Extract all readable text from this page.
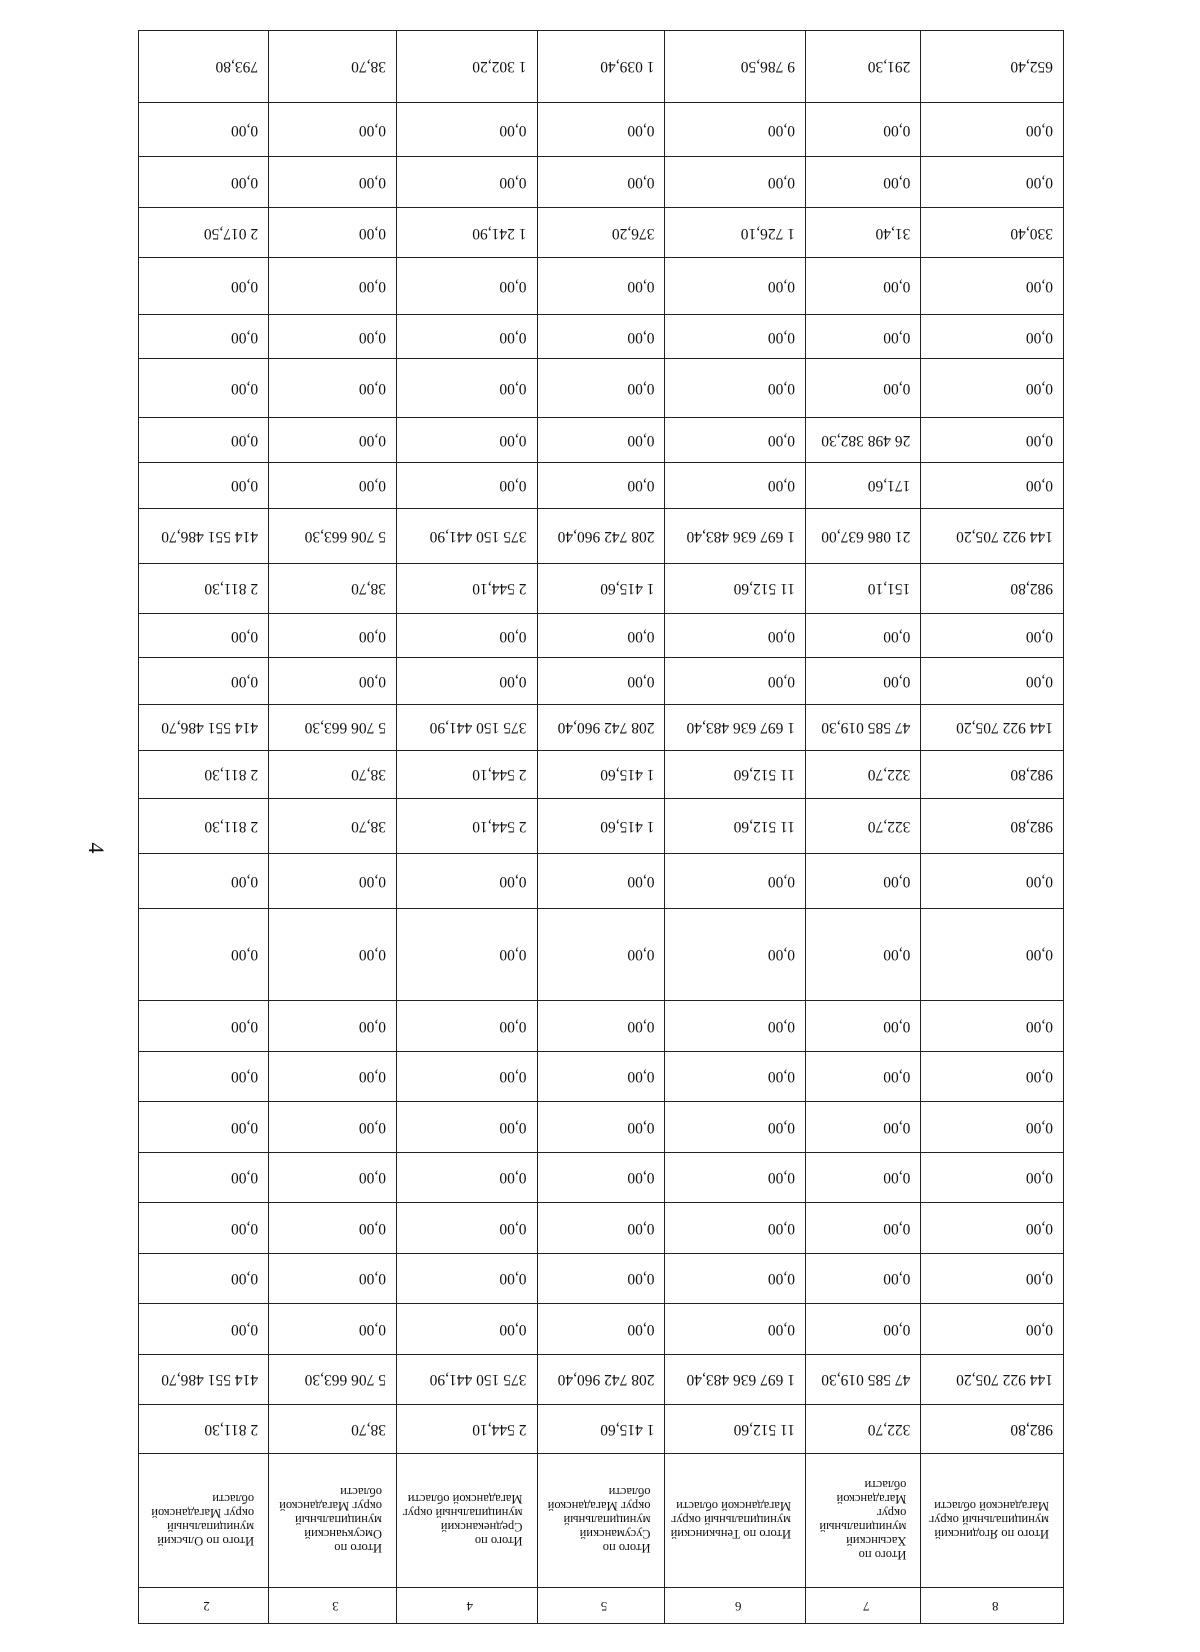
4
8	7	6	5	4	3	2
Итого по Ягодинский муниципальный округ Магаданской области	Итого по Хасынский муниципальный округ Магаданской области	Итого по Тенькинский муниципальный округ Магаданской области	Итого по Сусуманский муниципальный округ Магаданской области	Итого по Среднеканский муниципальный округ Магаданской области	Итого по Омсукчанский муниципальный округ Магаданской области	Итого по Ольский муниципальный округ Магаданской области
982,80	322,70	11 512,60	1 415,60	2 544,10	38,70	2 811,30
144 922 705,20	47 585 019,30	1 697 636 483,40	208 742 960,40	375 150 441,90	5 706 663,30	414 551 486,70
0,00	0,00	0,00	0,00	0,00	0,00	0,00
0,00	0,00	0,00	0,00	0,00	0,00	0,00
0,00	0,00	0,00	0,00	0,00	0,00	0,00
0,00	0,00	0,00	0,00	0,00	0,00	0,00
0,00	0,00	0,00	0,00	0,00	0,00	0,00
0,00	0,00	0,00	0,00	0,00	0,00	0,00
0,00	0,00	0,00	0,00	0,00	0,00	0,00
0,00	0,00	0,00	0,00	0,00	0,00	0,00
0,00	0,00	0,00	0,00	0,00	0,00	0,00
982,80	322,70	11 512,60	1 415,60	2 544,10	38,70	2 811,30
982,80	322,70	11 512,60	1 415,60	2 544,10	38,70	2 811,30
144 922 705,20	47 585 019,30	1 697 636 483,40	208 742 960,40	375 150 441,90	5 706 663,30	414 551 486,70
0,00	0,00	0,00	0,00	0,00	0,00	0,00
0,00	0,00	0,00	0,00	0,00	0,00	0,00
982,80	151,10	11 512,60	1 415,60	2 544,10	38,70	2 811,30
144 922 705,20	21 086 637,00	1 697 636 483,40	208 742 960,40	375 150 441,90	5 706 663,30	414 551 486,70
0,00	171,60	0,00	0,00	0,00	0,00	0,00
0,00	26 498 382,30	0,00	0,00	0,00	0,00	0,00
0,00	0,00	0,00	0,00	0,00	0,00	0,00
0,00	0,00	0,00	0,00	0,00	0,00	0,00
0,00	0,00	0,00	0,00	0,00	0,00	0,00
330,40	31,40	1 726,10	376,20	1 241,90	0,00	2 017,50
0,00	0,00	0,00	0,00	0,00	0,00	0,00
0,00	0,00	0,00	0,00	0,00	0,00	0,00
652,40	291,30	9 786,50	1 039,40	1 302,20	38,70	793,80
